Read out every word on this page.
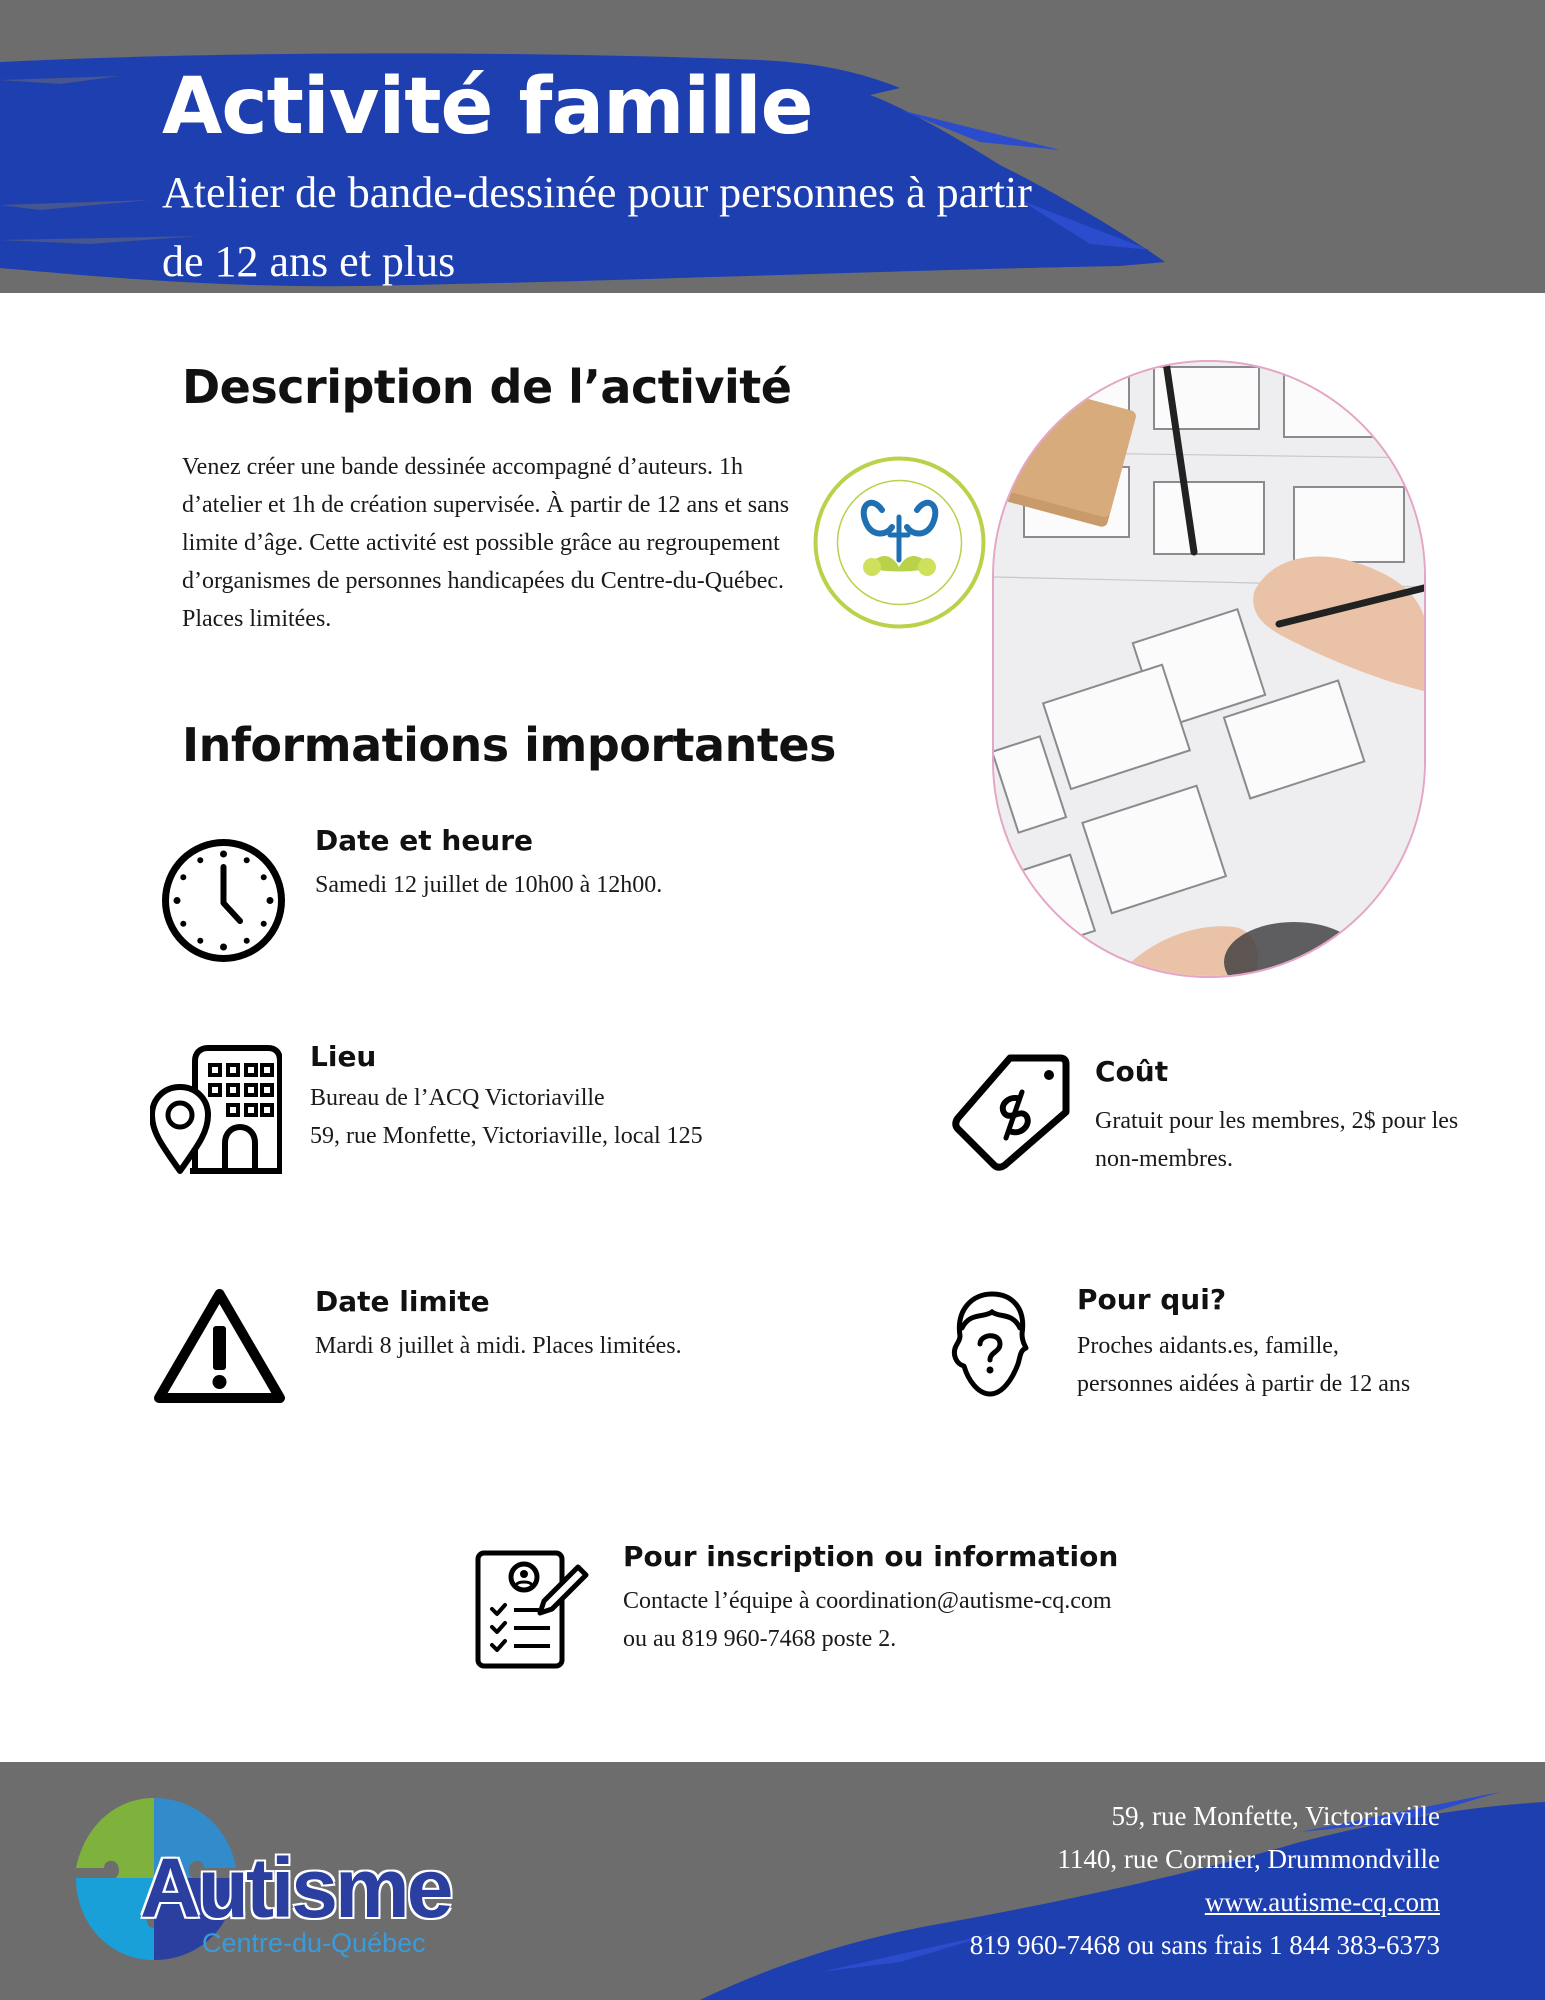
Activité famille
Atelier de bande-dessinée pour personnes à partir de 12 ans et plus
Description de l’activité
Venez créer une bande dessinée accompagné d’auteurs. 1h d’atelier et 1h de création supervisée. À partir de 12 ans et sans limite d’âge. Cette activité est possible grâce au regroupement d’organismes de personnes handicapées du Centre-du-Québec. Places limitées.
Informations importantes
Date et heure
Samedi 12 juillet de 10h00 à 12h00.
Lieu
Bureau de l’ACQ Victoriaville
59, rue Monfette, Victoriaville, local 125
Coût
Gratuit pour les membres, 2$ pour les non-membres.
Date limite
Mardi 8 juillet à midi. Places limitées.
Pour qui?
Proches aidants.es, famille,
personnes aidées à partir de 12 ans
Pour inscription ou information
Contacte l’équipe à coordination@autisme-cq.com
ou au 819 960-7468 poste 2.
Autisme
Centre-du-Québec
59, rue Monfette, Victoriaville
1140, rue Cormier, Drummondville
www.autisme-cq.com
819 960-7468 ou sans frais 1 844 383-6373
